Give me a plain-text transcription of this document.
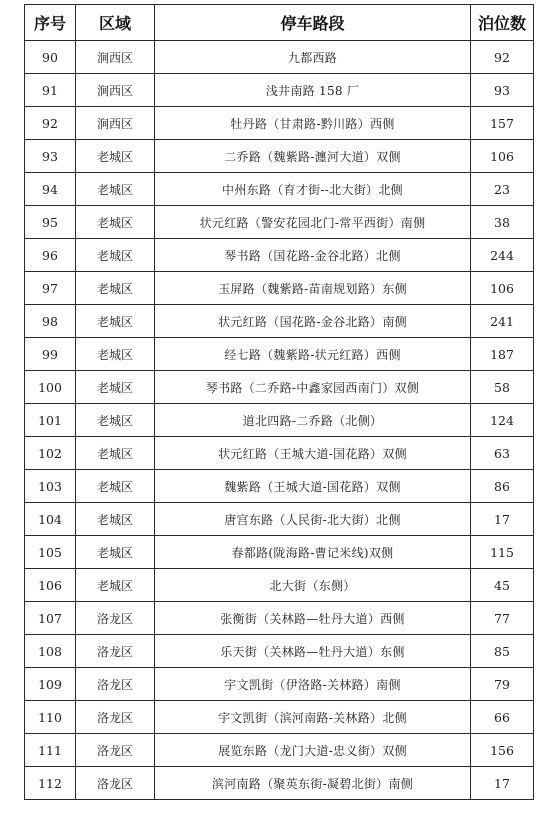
序号	区域	停车路段	泊位数
90	涧西区	九都西路	92
91	涧西区	浅井南路 158 厂	93
92	涧西区	牡丹路（甘肃路-黔川路）西侧	157
93	老城区	二乔路（魏紫路-瀍河大道）双侧	106
94	老城区	中州东路（育才街--北大街）北侧	23
95	老城区	状元红路（警安花园北门-常平西街）南侧	38
96	老城区	琴书路（国花路-金谷北路）北侧	244
97	老城区	玉屏路（魏紫路-苗南规划路）东侧	106
98	老城区	状元红路（国花路-金谷北路）南侧	241
99	老城区	经七路（魏紫路-状元红路）西侧	187
100	老城区	琴书路（二乔路-中鑫家园西南门）双侧	58
101	老城区	道北四路-二乔路（北侧）	124
102	老城区	状元红路（王城大道-国花路）双侧	63
103	老城区	魏紫路（王城大道-国花路）双侧	86
104	老城区	唐宫东路（人民街-北大街）北侧	17
105	老城区	春都路(陇海路-曹记米线)双侧	115
106	老城区	北大街（东侧）	45
107	洛龙区	张衡街（关林路—牡丹大道）西侧	77
108	洛龙区	乐天街（关林路—牡丹大道）东侧	85
109	洛龙区	宇文凯街（伊洛路-关林路）南侧	79
110	洛龙区	宇文凯街（滨河南路-关林路）北侧	66
111	洛龙区	展览东路（龙门大道-忠义街）双侧	156
112	洛龙区	滨河南路（聚英东街-凝碧北街）南侧	17
